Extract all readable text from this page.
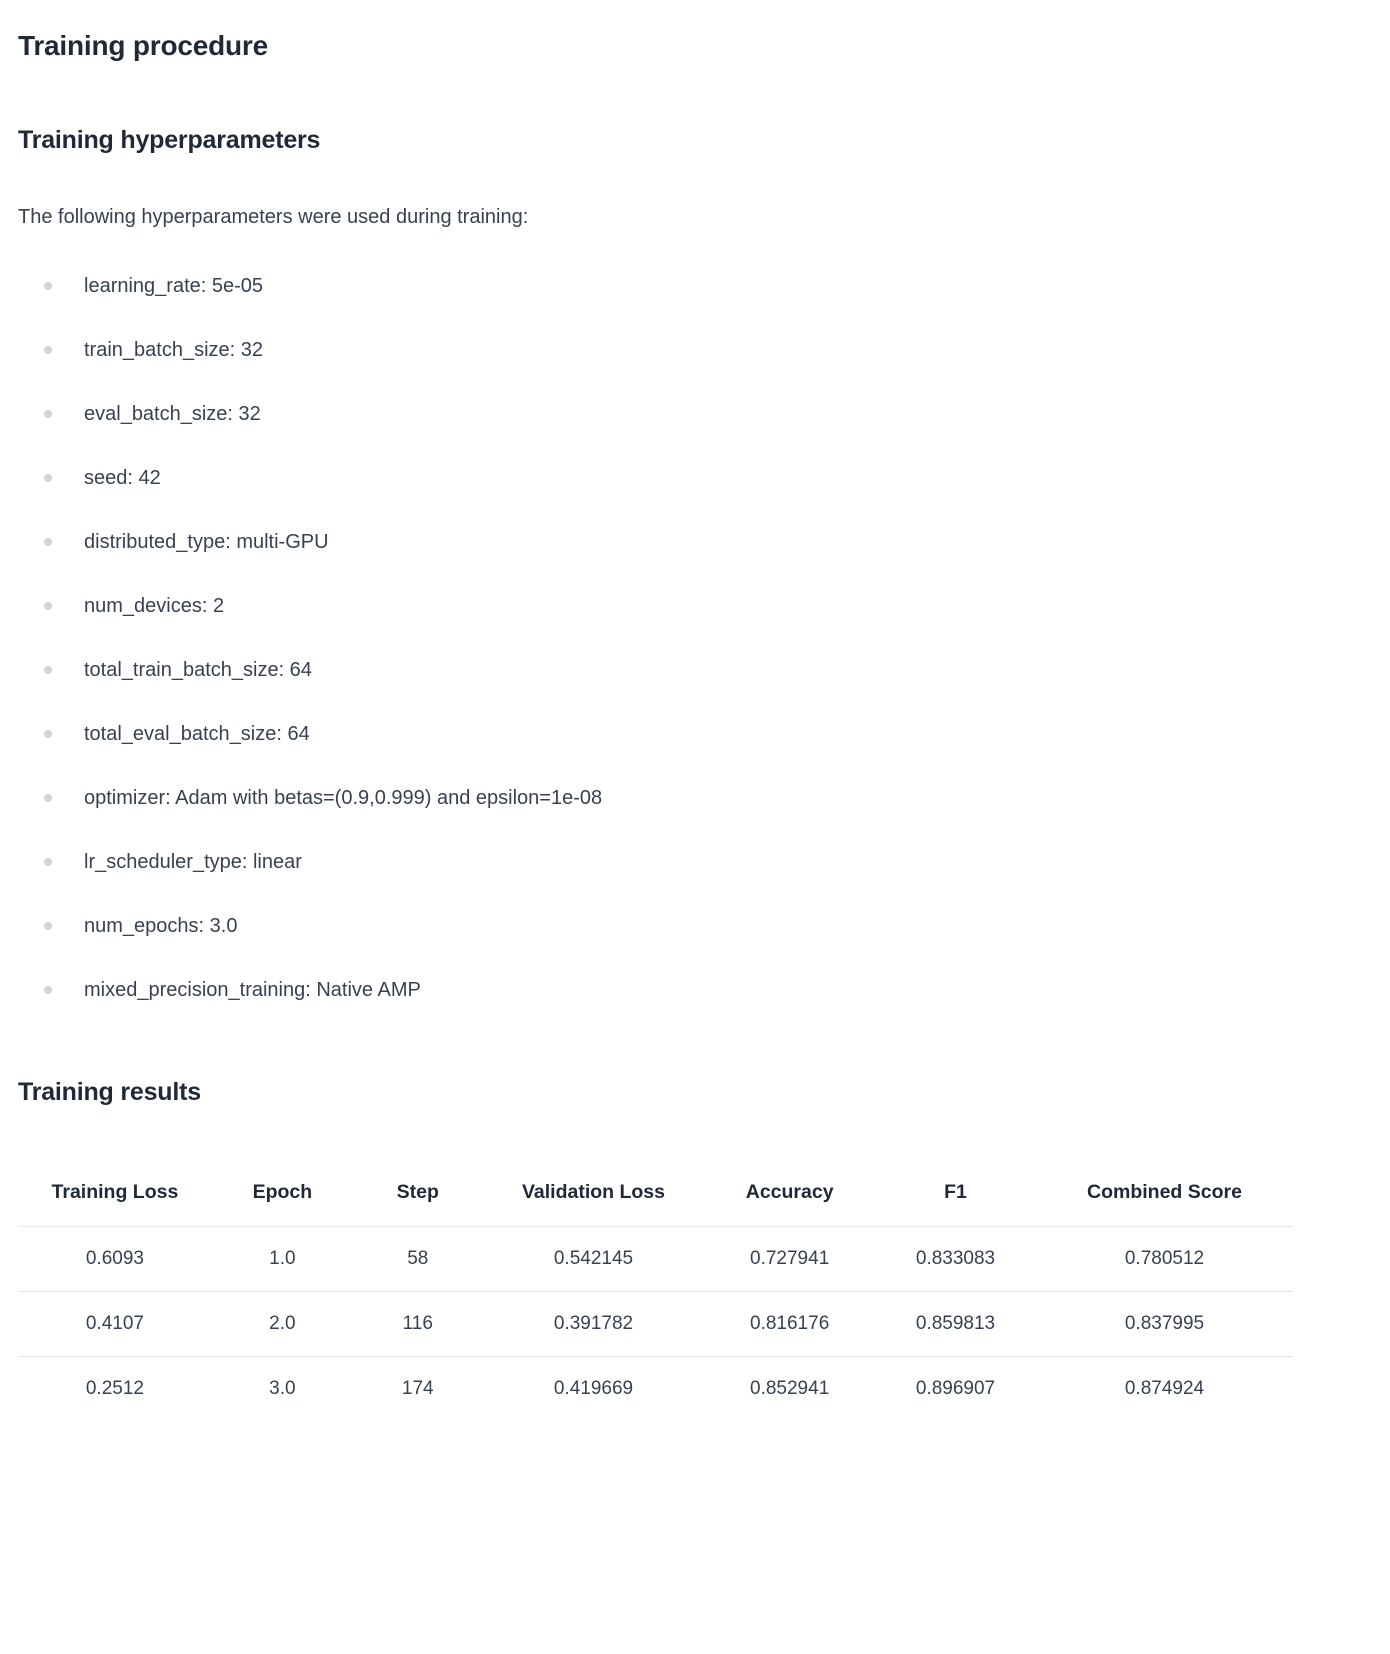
Training procedure
Training hyperparameters

The following hyperparameters were used during training:

learning_rate: 5e-05
train_batch_size: 32
eval_batch_size: 32
seed: 42
distributed_type: multi-GPU
num_devices: 2
total_train_batch_size: 64
total_eval_batch_size: 64
optimizer: Adam with betas=(0.9,0.999) and epsilon=1e-08
lr_scheduler_type: linear
num_epochs: 3.0
mixed_precision_training: Native AMP
Training results
Training Loss	Epoch	Step	Validation Loss	Accuracy	F1	Combined Score
0.6093	1.0	58	0.542145	0.727941	0.833083	0.780512
0.4107	2.0	116	0.391782	0.816176	0.859813	0.837995
0.2512	3.0	174	0.419669	0.852941	0.896907	0.874924
